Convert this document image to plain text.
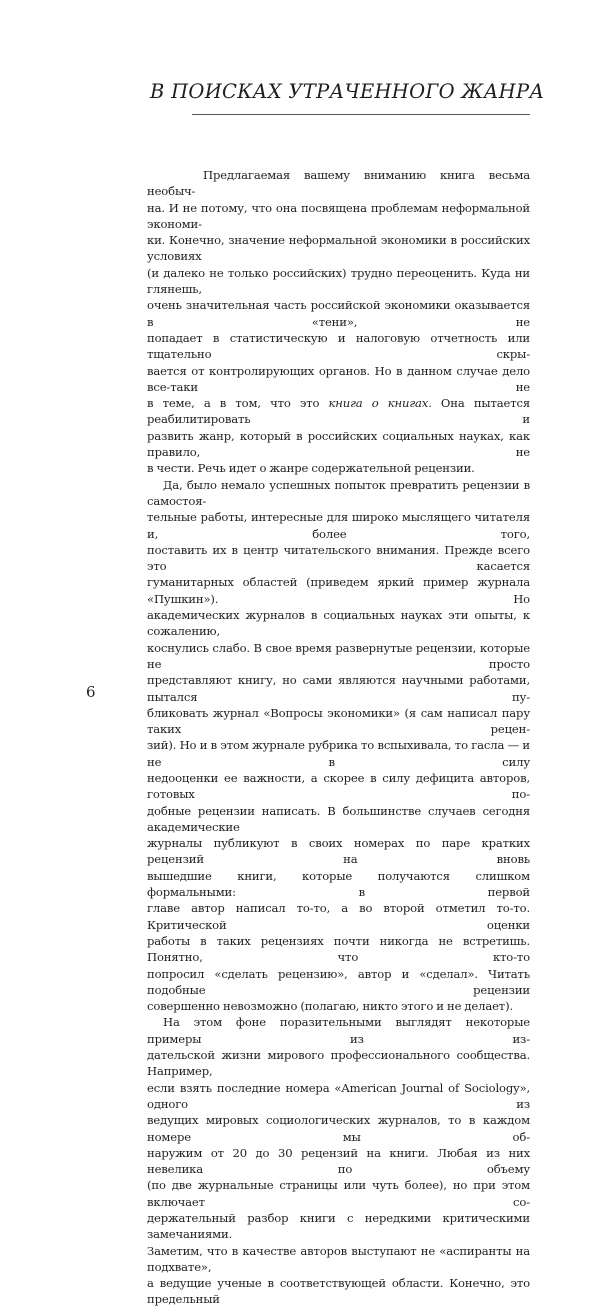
В ПОИСКАХ УТРАЧЕННОГО ЖАНРА

Предлагаемая вашему вниманию книга весьма необыч-

на. И не потому, что она посвящена проблемам неформальной экономи-

ки. Конечно, значение неформальной экономики в российских условиях

(и далеко не только российских) трудно переоценить. Куда ни глянешь,

очень значительная часть российской экономики оказывается в «тени», не

попадает в статистическую и налоговую отчетность или тщательно скры-

вается от контролирующих органов. Но в данном случае дело все-таки не

в теме, а в том, что это книга о книгах. Она пытается реабилитировать и

развить жанр, который в российских социальных науках, как правило, не

в чести. Речь идет о жанре содержательной рецензии.

Да, было немало успешных попыток превратить рецензии в самостоя-

тельные работы, интересные для широко мыслящего читателя и, более того,

поставить их в центр читательского внимания. Прежде всего это касается

гуманитарных областей (приведем яркий пример журнала «Пушкин»). Но

академических журналов в социальных науках эти опыты, к сожалению,

коснулись слабо. В свое время развернутые рецензии, которые не просто

представляют книгу, но сами являются научными работами, пытался пу-

бликовать журнал «Вопросы экономики» (я сам написал пару таких рецен-

зий). Но и в этом журнале рубрика то вспыхивала, то гасла — и не в силу

недооценки ее важности, а скорее в силу дефицита авторов, готовых по-

добные рецензии написать. В большинстве случаев сегодня академические

журналы публикуют в своих номерах по паре кратких рецензий на вновь

вышедшие книги, которые получаются слишком формальными: в первой

главе автор написал то-то, а во второй отметил то-то. Критической оценки

работы в таких рецензиях почти никогда не встретишь. Понятно, что кто-то

попросил «сделать рецензию», автор и «сделал». Читать подобные рецензии

совершенно невозможно (полагаю, никто этого и не делает).

На этом фоне поразительными выглядят некоторые примеры из из-

дательской жизни мирового профессионального сообщества. Например,

если взять последние номера «American Journal of Sociology», одного из

ведущих мировых социологических журналов, то в каждом номере мы об-

наружим от 20 до 30 рецензий на книги. Любая из них невелика по объему

(по две журнальные страницы или чуть более), но при этом включает со-

держательный разбор книги с нередкими критическими замечаниями.

Заметим, что в качестве авторов выступают не «аспиранты на подхвате»,

а ведущие ученые в соответствующей области. Конечно, это предельный

6
